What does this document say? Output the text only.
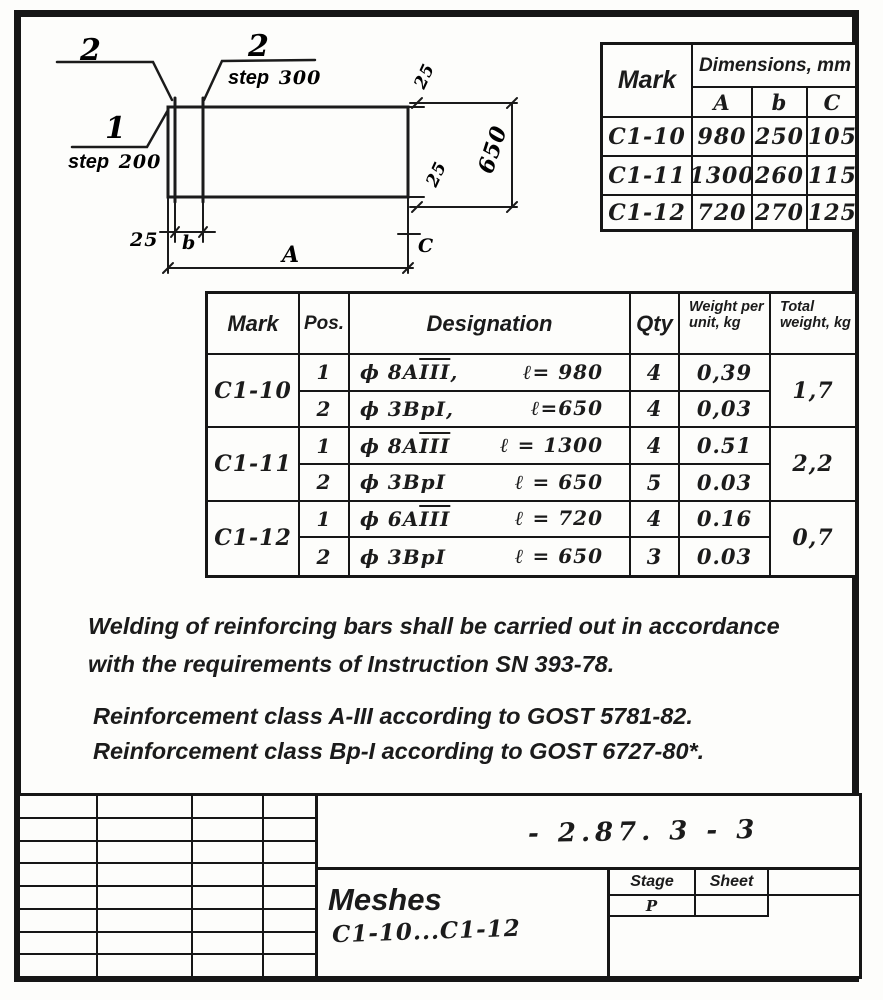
2	2
1
step 300
step 200
25 b	A	C
25
650
25
Mark
Dimensions, mm
A	b	C
C1-10 980 250 105
C1-11 1300 260 115
C1-12 720 270 125
Mark	Pos.	Designation	Qty
Weight per unit, kg
Total weight, kg
C1-10
1	ϕ 8A $\overline{III}$ ,	ℓ= 980	4	0,39
1,7
2	ϕ 3BpI ,	ℓ=650	4	0,03
C1-11
1	ϕ 8A $\overline{III}$ ℓ = 1300	4	0.51
2,2
2	ϕ 3BpI	ℓ = 650	5	0.03
C1-12
1	ϕ 6A $\overline{III}$	ℓ = 720	4	0.16
0,7
2	ϕ 3BpI	ℓ = 650	3	0.03
Welding of reinforcing bars shall be carried out in accordance
with the requirements of Instruction SN 393-78.
Reinforcement class A-III according to GOST 5781-82.
Reinforcement class Bp-I according to GOST 6727-80*.
- 2.87. 3 - 3
Meshes C1-10...C1-12
Stage	Sheet
P
